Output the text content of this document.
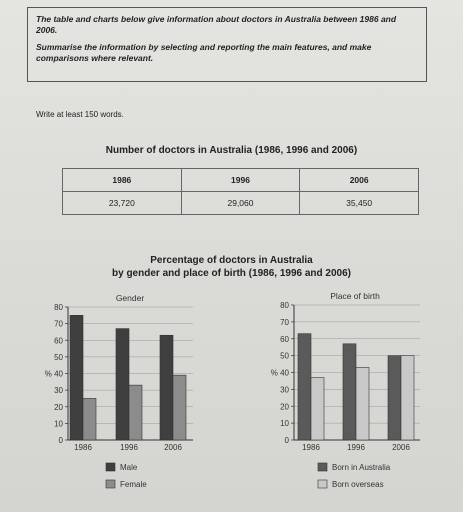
The table and charts below give information about doctors in Australia between 1986 and 2006.

Summarise the information by selecting and reporting the main features, and make comparisons where relevant.

Write at least 150 words.
Number of doctors in Australia (1986, 1996 and 2006)
1986	1996	2006
23,720	29,060	35,450
Percentage of doctors in Australia
by gender and place of birth (1986, 1996 and 2006)
Gender
0
10
20
30
% 40
50
60
70
80
1986	1996	2006
Male
Female
Place of birth
0
10
20
30
% 40
50
60
70
80
1986	1996	2006
Born in Australia
Born overseas
